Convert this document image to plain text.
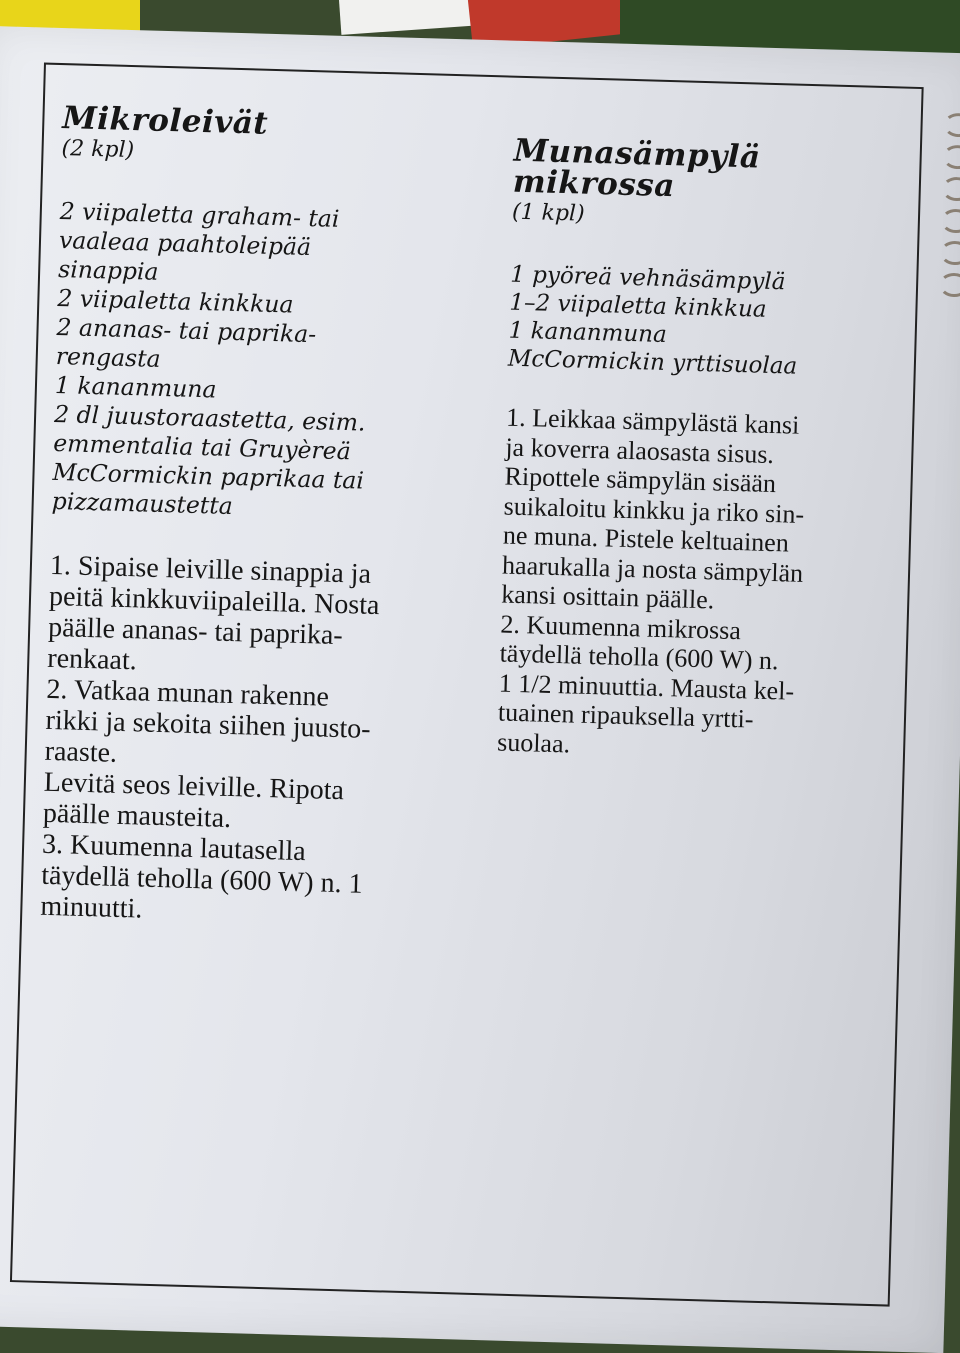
Mikroleivät
(2 kpl)
2 viipaletta graham- tai
vaaleaa paahtoleipää
sinappia
2 viipaletta kinkkua
2 ananas- tai paprika-
rengasta
1 kananmuna
2 dl juustoraastetta, esim.
emmentalia tai Gruyèreä
McCormickin paprikaa tai
pizzamaustetta

1. Sipaise leiville sinappia ja

peitä kinkkuviipaleilla. Nosta

päälle ananas- tai paprika-

renkaat.

2. Vatkaa munan rakenne

rikki ja sekoita siihen juusto-

raaste.

Levitä seos leiville. Ripota

päälle mausteita.

3. Kuumenna lautasella

täydellä teholla (600 W) n. 1

minuutti.

Munasämpylä
mikrossa
(1 kpl)
1 pyöreä vehnäsämpylä
1–2 viipaletta kinkkua
1 kananmuna
McCormickin yrttisuolaa

1. Leikkaa sämpylästä kansi

ja koverra alaosasta sisus.

Ripottele sämpylän sisään

suikaloitu kinkku ja riko sin-

ne muna. Pistele keltuainen

haarukalla ja nosta sämpylän

kansi osittain päälle.

2. Kuumenna mikrossa

täydellä teholla (600 W) n.

1 1/2 minuuttia. Mausta kel-

tuainen ripauksella yrtti-

suolaa.
